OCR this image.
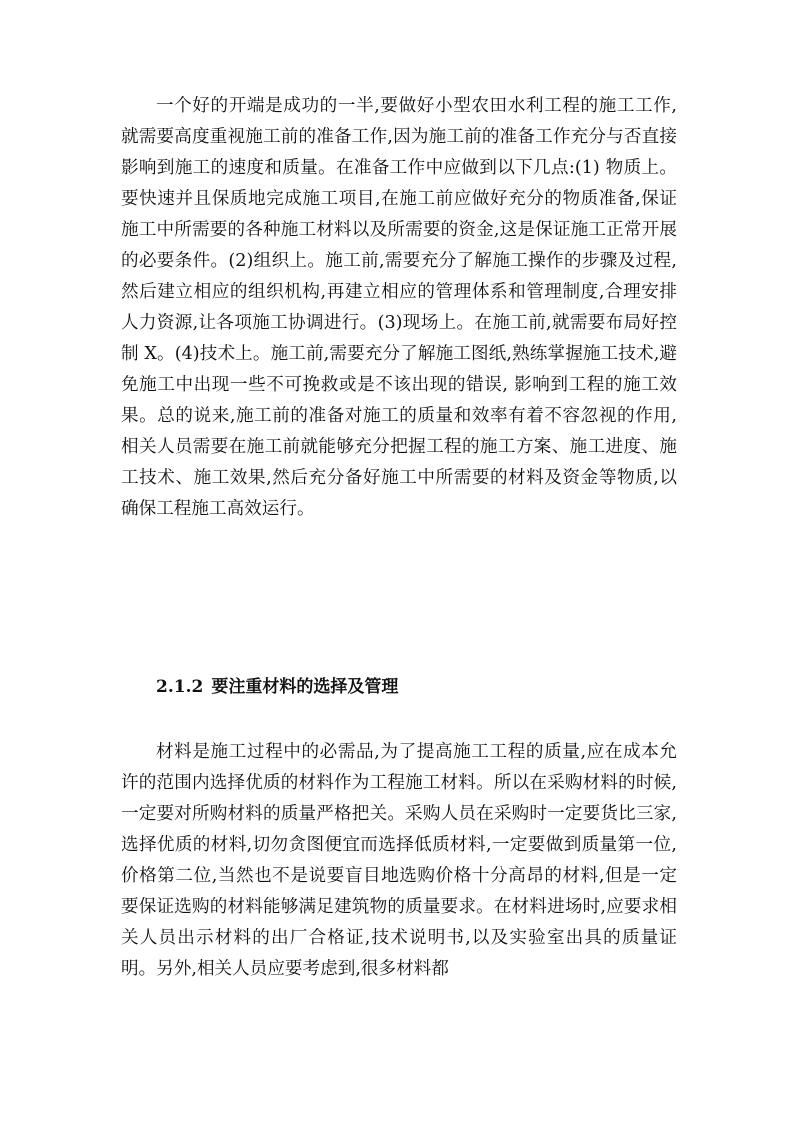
一个好的开端是成功的一半,要做好小型农田水利工程的施工工作, 就需要高度重视施工前的准备工作,因为施工前的准备工作充分与否直接影响到施工的速度和质量。在准备工作中应做到以下几点:(1) 物质上。要快速并且保质地完成施工项目,在施工前应做好充分的物质准备,保证施工中所需要的各种施工材料以及所需要的资金,这是保证施工正常开展的必要条件。(2)组织上。施工前,需要充分了解施工操作的步骤及过程,然后建立相应的组织机构,再建立相应的管理体系和管理制度,合理安排人力资源,让各项施工协调进行。(3)现场上。在施工前,就需要布局好控制 X。(4)技术上。施工前,需要充分了解施工图纸,熟练掌握施工技术,避免施工中出现一些不可挽救或是不该出现的错误, 影响到工程的施工效果。总的说来,施工前的准备对施工的质量和效率有着不容忽视的作用,相关人员需要在施工前就能够充分把握工程的施工方案、施工进度、施工技术、施工效果,然后充分备好施工中所需要的材料及资金等物质,以确保工程施工高效运行。

2.1.2 要注重材料的选择及管理

材料是施工过程中的必需品,为了提高施工工程的质量,应在成本允许的范围内选择优质的材料作为工程施工材料。所以在采购材料的时候,一定要对所购材料的质量严格把关。采购人员在采购时一定要货比三家,选择优质的材料,切勿贪图便宜而选择低质材料,一定要做到质量第一位,价格第二位,当然也不是说要盲目地选购价格十分高昂的材料,但是一定要保证选购的材料能够满足建筑物的质量要求。在材料进场时,应要求相关人员出示材料的出厂合格证,技术说明书,以及实验室出具的质量证明。另外,相关人员应要考虑到,很多材料都
